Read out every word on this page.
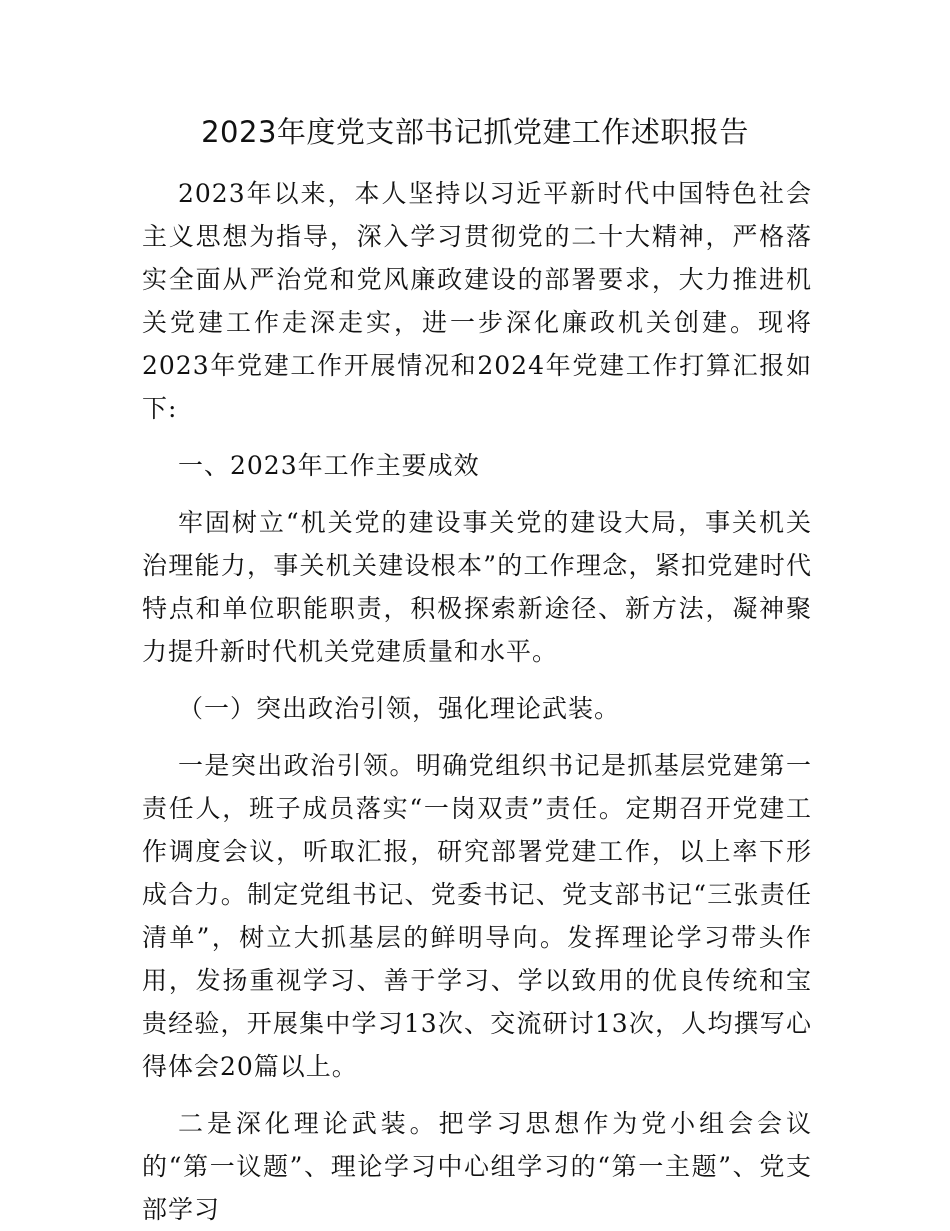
2023年度党支部书记抓党建工作述职报告

2023年以来，本人坚持以习近平新时代中国特色社会主义思想为指导，深入学习贯彻党的二十大精神，严格落实全面从严治党和党风廉政建设的部署要求，大力推进机关党建工作走深走实，进一步深化廉政机关创建。现将2023年党建工作开展情况和2024年党建工作打算汇报如下:

一、2023年工作主要成效

牢固树立“机关党的建设事关党的建设大局，事关机关治理能力，事关机关建设根本”的工作理念，紧扣党建时代特点和单位职能职责，积极探索新途径、新方法，凝神聚力提升新时代机关党建质量和水平。

（一）突出政治引领，强化理论武装。

一是突出政治引领。明确党组织书记是抓基层党建第一责任人，班子成员落实“一岗双责”责任。定期召开党建工作调度会议，听取汇报，研究部署党建工作，以上率下形成合力。制定党组书记、党委书记、党支部书记“三张责任清单”，树立大抓基层的鲜明导向。发挥理论学习带头作用，发扬重视学习、善于学习、学以致用的优良传统和宝贵经验，开展集中学习13次、交流研讨13次，人均撰写心得体会20篇以上。

二是深化理论武装。把学习思想作为党小组会会议的“第一议题”、理论学习中心组学习的“第一主题”、党支部学习
